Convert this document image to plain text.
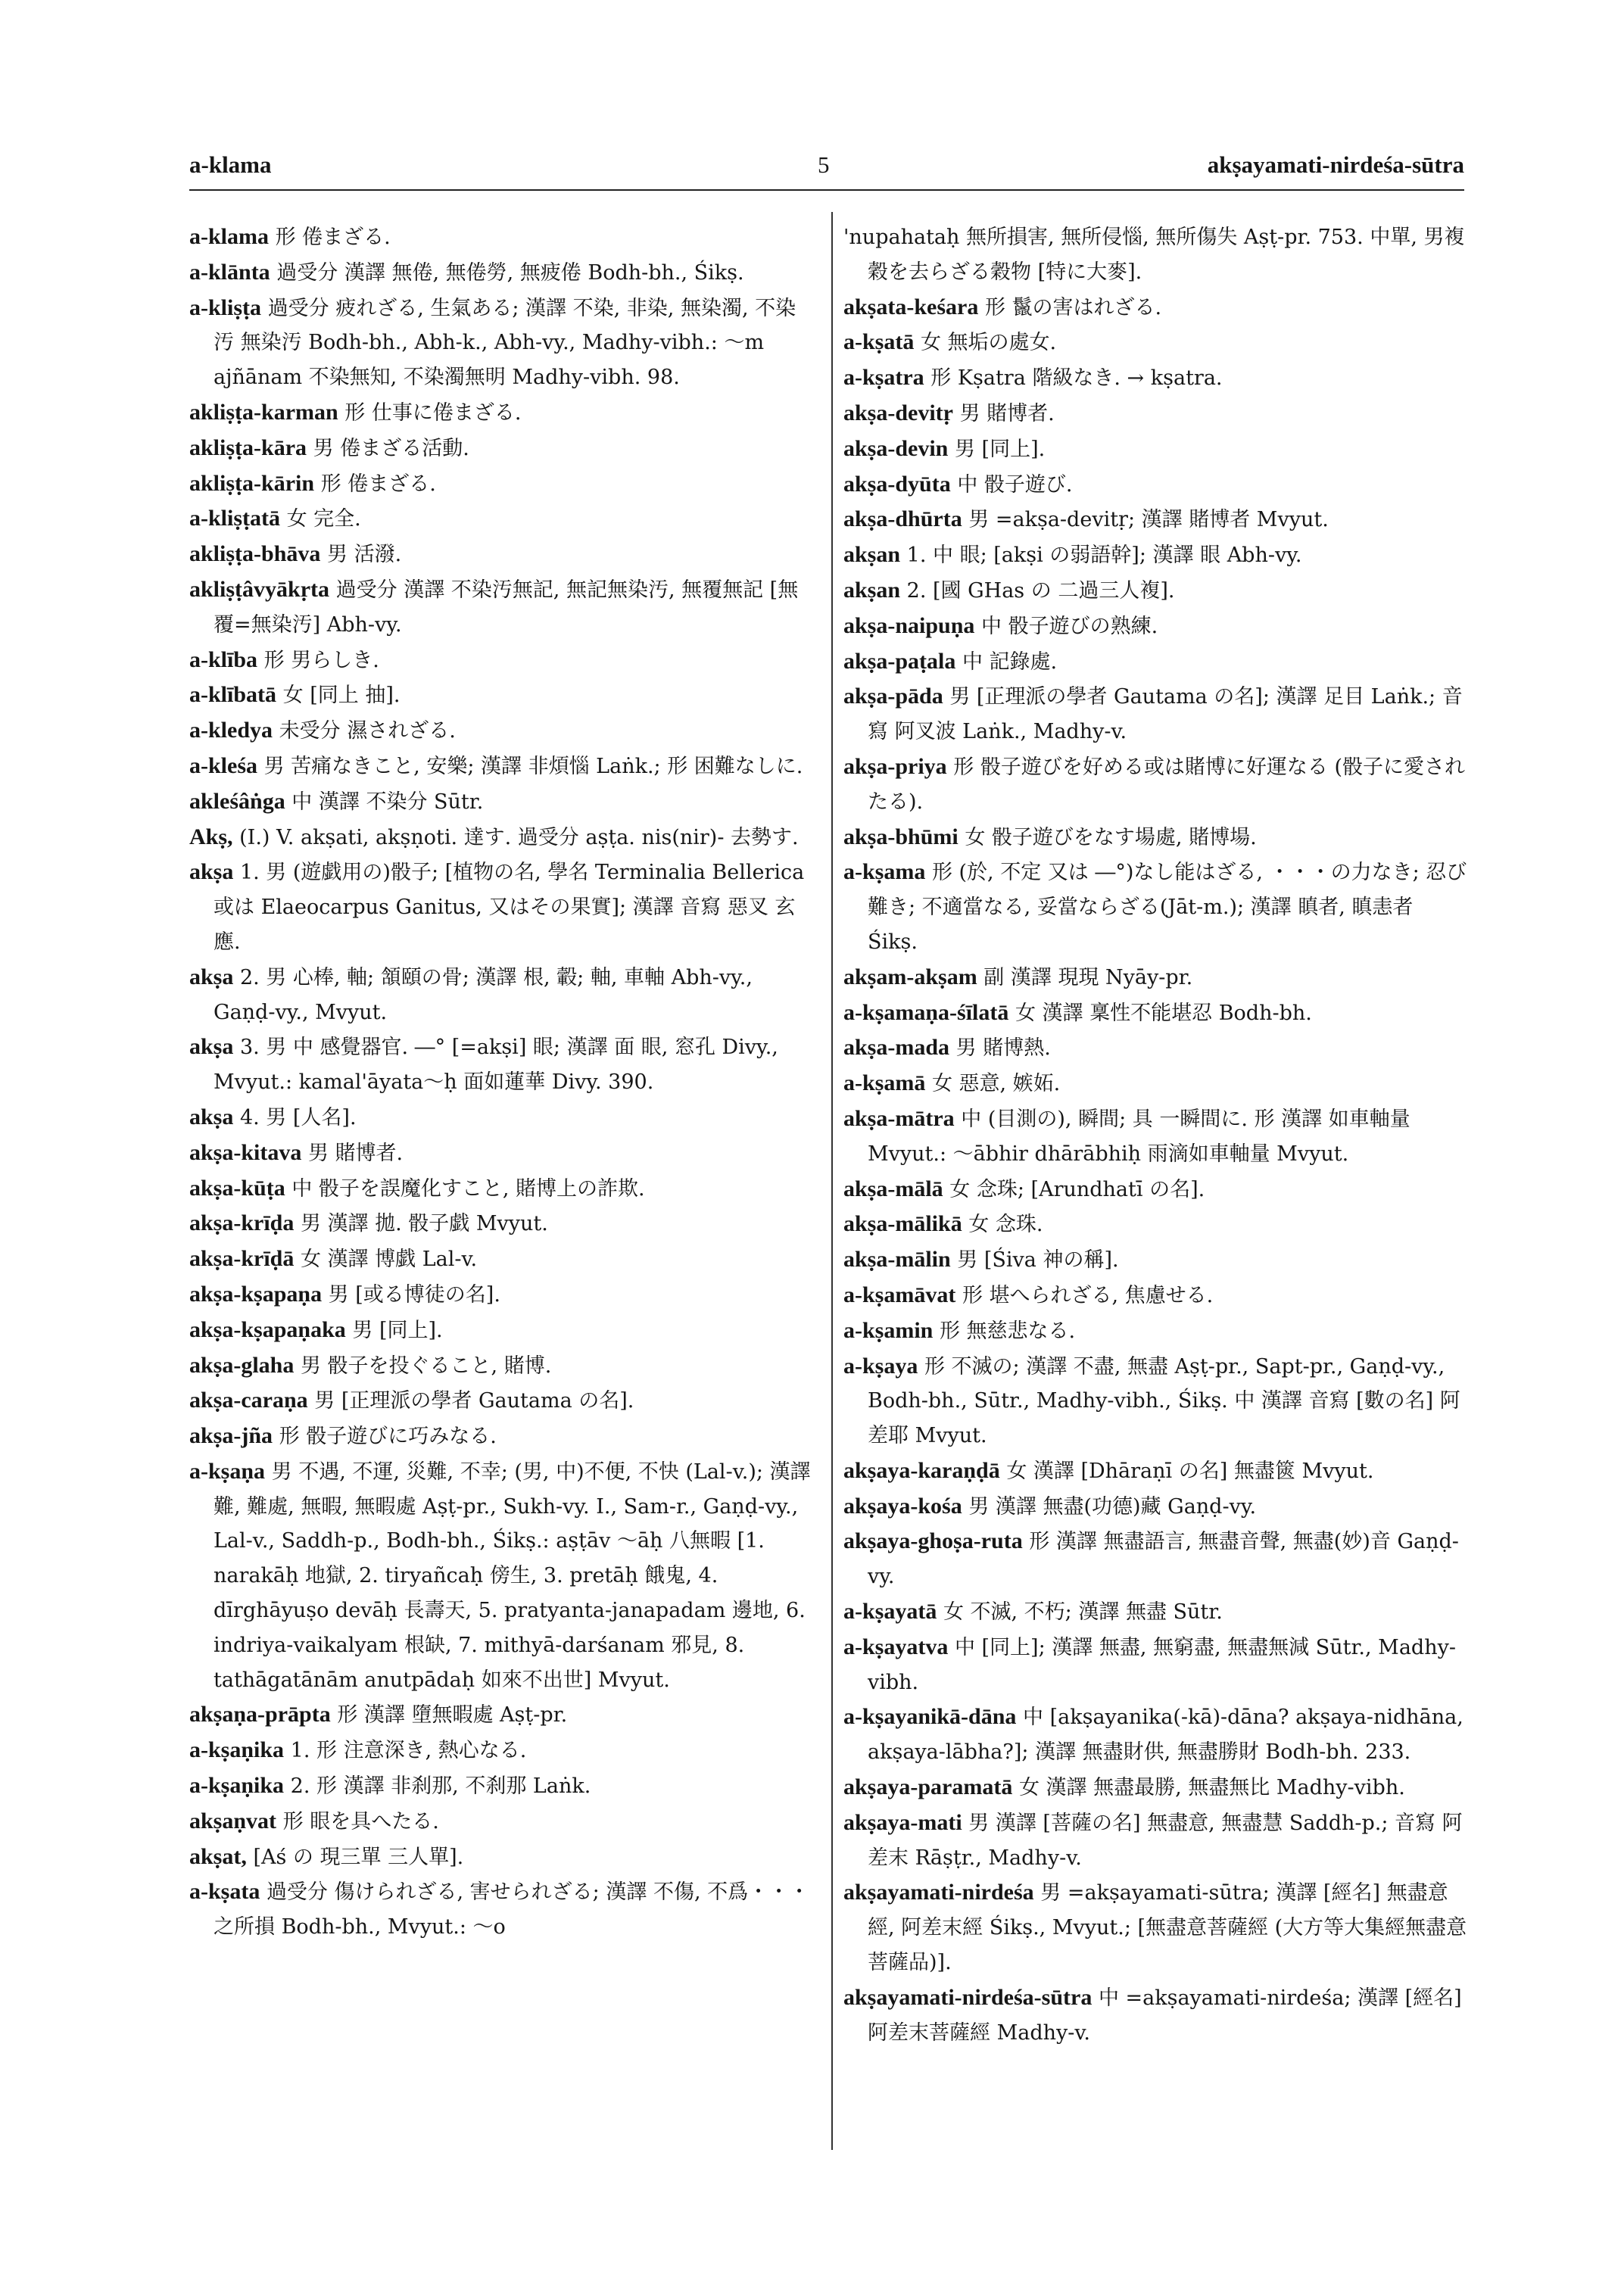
a-klama	5	akṣayamati-nirdeśa-sūtra

a-klama 形 倦まざる.

a-klānta 過受分 漢譯 無倦, 無倦勞, 無疲倦 Bodh-bh., Śikṣ.

a-kliṣṭa 過受分 疲れざる, 生氣ある; 漢譯 不染, 非染, 無染濁, 不染汚 無染汚 Bodh-bh., Abh-k., Abh-vy., Madhy-vibh.: ～m ajñānam 不染無知, 不染濁無明 Madhy-vibh. 98.

akliṣṭa-karman 形 仕事に倦まざる.

akliṣṭa-kāra 男 倦まざる活動.

akliṣṭa-kārin 形 倦まざる.

a-kliṣṭatā 女 完全.

akliṣṭa-bhāva 男 活潑.

akliṣṭâvyākṛta 過受分 漢譯 不染汚無記, 無記無染汚, 無覆無記 [無覆=無染汚] Abh-vy.

a-klība 形 男らしき.

a-klībatā 女 [同上 抽].

a-kledya 未受分 濕されざる.

a-kleśa 男 苦痛なきこと, 安樂; 漢譯 非煩惱 Laṅk.; 形 困難なしに.

akleśâṅga 中 漢譯 不染分 Sūtr.

Akṣ, (I.) V. akṣati, akṣṇoti. 達す. 過受分 aṣṭa. nis(nir)- 去勢す.

akṣa 1. 男 (遊戯用の)骰子; [植物の名, 學名 Terminalia Bellerica 或は Elaeocarpus Ganitus, 又はその果實]; 漢譯 音寫 惡叉 玄應.

akṣa 2. 男 心棒, 軸; 頷頤の骨; 漢譯 根, 轂; 軸, 車軸 Abh-vy., Gaṇḍ-vy., Mvyut.

akṣa 3. 男 中 感覺器官. ―° [=akṣi] 眼; 漢譯 面 眼, 窓孔 Divy., Mvyut.: kamal'āyata～ḥ 面如蓮華 Divy. 390.

akṣa 4. 男 [人名].

akṣa-kitava 男 賭博者.

akṣa-kūṭa 中 骰子を誤魔化すこと, 賭博上の詐欺.

akṣa-krīḍa 男 漢譯 拋. 骰子戯 Mvyut.

akṣa-krīḍā 女 漢譯 博戯 Lal-v.

akṣa-kṣapaṇa 男 [或る博徒の名].

akṣa-kṣapaṇaka 男 [同上].

akṣa-glaha 男 骰子を投ぐること, 賭博.

akṣa-caraṇa 男 [正理派の學者 Gautama の名].

akṣa-jña 形 骰子遊びに巧みなる.

a-kṣaṇa 男 不遇, 不運, 災難, 不幸; (男, 中)不便, 不快 (Lal-v.); 漢譯 難, 難處, 無暇, 無暇處 Aṣṭ-pr., Sukh-vy. I., Sam-r., Gaṇḍ-vy., Lal-v., Saddh-p., Bodh-bh., Śikṣ.: aṣṭāv ～āḥ 八無暇 [1. narakāḥ 地獄, 2. tiryañcaḥ 傍生, 3. pretāḥ 餓鬼, 4. dīrghāyuṣo devāḥ 長壽天, 5. pratyanta-janapadam 邊地, 6. indriya-vaikalyam 根缺, 7. mithyā-darśanam 邪見, 8. tathāgatānām anutpādaḥ 如來不出世] Mvyut.

akṣaṇa-prāpta 形 漢譯 墮無暇處 Aṣṭ-pr.

a-kṣaṇika 1. 形 注意深き, 熱心なる.

a-kṣaṇika 2. 形 漢譯 非刹那, 不刹那 Laṅk.

akṣaṇvat 形 眼を具へたる.

akṣat, [Aś の 現三單 三人單].

a-kṣata 過受分 傷けられざる, 害せられざる; 漢譯 不傷, 不爲・・・之所損 Bodh-bh., Mvyut.: ～o

'nupahataḥ 無所損害, 無所侵惱, 無所傷失 Aṣṭ-pr. 753. 中單, 男複 穀を去らざる穀物 [特に大麥].

akṣata-keśara 形 鬣の害はれざる.

a-kṣatā 女 無垢の處女.

a-kṣatra 形 Kṣatra 階級なき. → kṣatra.

akṣa-devitṛ 男 賭博者.

akṣa-devin 男 [同上].

akṣa-dyūta 中 骰子遊び.

akṣa-dhūrta 男 =akṣa-devitṛ; 漢譯 賭博者 Mvyut.

akṣan 1. 中 眼; [akṣi の弱語幹]; 漢譯 眼 Abh-vy.

akṣan 2. [國 GHas の 二過三人複].

akṣa-naipuṇa 中 骰子遊びの熟練.

akṣa-paṭala 中 記錄處.

akṣa-pāda 男 [正理派の學者 Gautama の名]; 漢譯 足目 Laṅk.; 音寫 阿叉波 Laṅk., Madhy-v.

akṣa-priya 形 骰子遊びを好める或は賭博に好運なる (骰子に愛されたる).

akṣa-bhūmi 女 骰子遊びをなす場處, 賭博場.

a-kṣama 形 (於, 不定 又は ―°)なし能はざる, ・・・の力なき; 忍び難き; 不適當なる, 妥當ならざる(Jāt-m.); 漢譯 瞋者, 瞋恚者 Śikṣ.

akṣam-akṣam 副 漢譯 現現 Nyāy-pr.

a-kṣamaṇa-śīlatā 女 漢譯 稟性不能堪忍 Bodh-bh.

akṣa-mada 男 賭博熱.

a-kṣamā 女 惡意, 嫉妬.

akṣa-mātra 中 (目測の), 瞬間; 具 一瞬間に. 形 漢譯 如車軸量 Mvyut.: ～ābhir dhārābhiḥ 雨滴如車軸量 Mvyut.

akṣa-mālā 女 念珠; [Arundhatī の名].

akṣa-mālikā 女 念珠.

akṣa-mālin 男 [Śiva 神の稱].

a-kṣamāvat 形 堪へられざる, 焦慮せる.

a-kṣamin 形 無慈悲なる.

a-kṣaya 形 不滅の; 漢譯 不盡, 無盡 Aṣṭ-pr., Sapt-pr., Gaṇḍ-vy., Bodh-bh., Sūtr., Madhy-vibh., Śikṣ. 中 漢譯 音寫 [數の名] 阿差耶 Mvyut.

akṣaya-karaṇḍā 女 漢譯 [Dhāraṇī の名] 無盡篋 Mvyut.

akṣaya-kośa 男 漢譯 無盡(功德)藏 Gaṇḍ-vy.

akṣaya-ghoṣa-ruta 形 漢譯 無盡語言, 無盡音聲, 無盡(妙)音 Gaṇḍ-vy.

a-kṣayatā 女 不滅, 不朽; 漢譯 無盡 Sūtr.

a-kṣayatva 中 [同上]; 漢譯 無盡, 無窮盡, 無盡無減 Sūtr., Madhy-vibh.

a-kṣayanikā-dāna 中 [akṣayanika(-kā)-dāna? akṣaya-nidhāna, akṣaya-lābha?]; 漢譯 無盡財供, 無盡勝財 Bodh-bh. 233.

akṣaya-paramatā 女 漢譯 無盡最勝, 無盡無比 Madhy-vibh.

akṣaya-mati 男 漢譯 [菩薩の名] 無盡意, 無盡慧 Saddh-p.; 音寫 阿差末 Rāṣṭr., Madhy-v.

akṣayamati-nirdeśa 男 =akṣayamati-sūtra; 漢譯 [經名] 無盡意經, 阿差末經 Śikṣ., Mvyut.; [無盡意菩薩經 (大方等大集經無盡意菩薩品)].

akṣayamati-nirdeśa-sūtra 中 =akṣayamati-nirdeśa; 漢譯 [經名] 阿差末菩薩經 Madhy-v.
